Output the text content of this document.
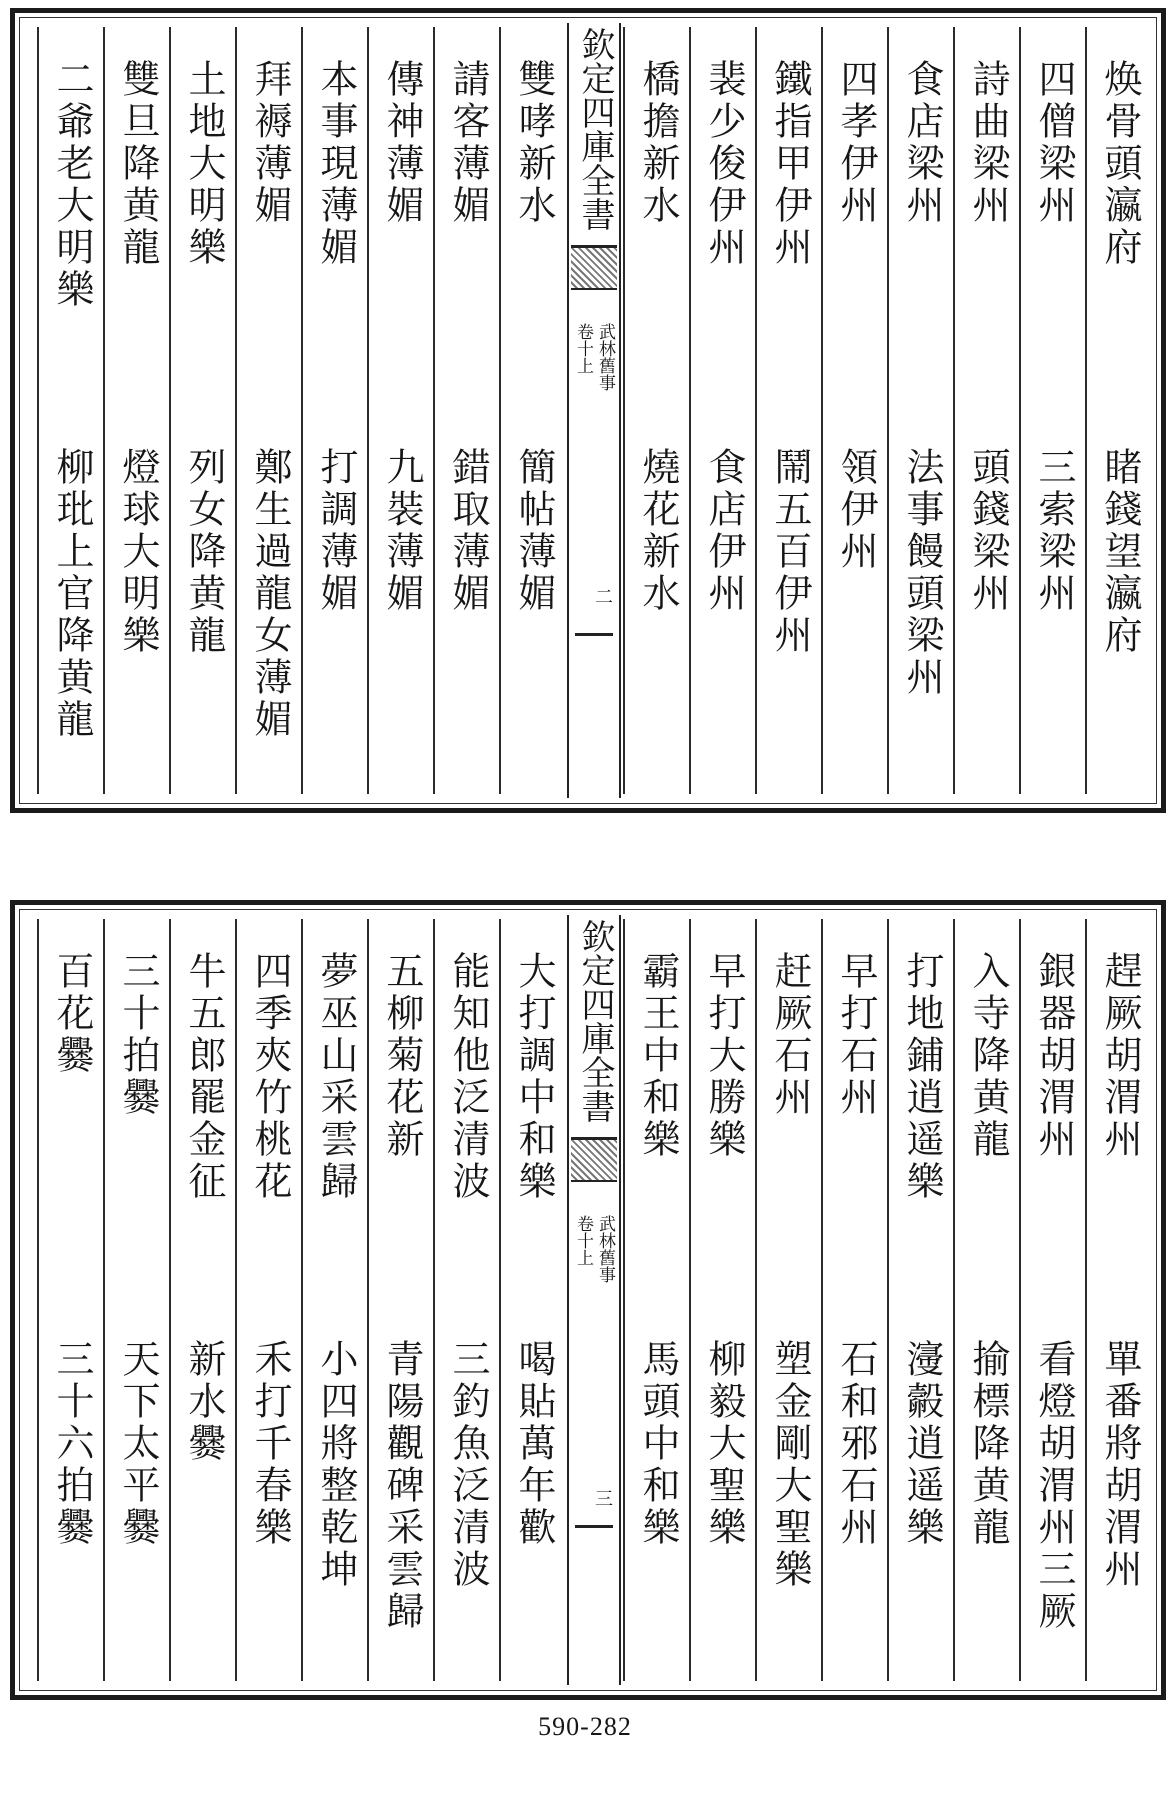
焕骨頭瀛府
睹錢望瀛府
四僧梁州
三索梁州
詩曲梁州
頭錢梁州
食店梁州
法事饅頭梁州
四孝伊州
領伊州
鐵指甲伊州
鬧五百伊州
裴少俊伊州
食店伊州
橋擔新水
燒花新水
欽定四庫全書
武林舊事
卷十上
二
雙哮新水
簡帖薄媚
請客薄媚
錯取薄媚
傳神薄媚
九裝薄媚
本事現薄媚
打調薄媚
拜褥薄媚
鄭生過龍女薄媚
土地大明樂
列女降黄龍
雙旦降黄龍
燈球大明樂
二爺老大明樂
柳玭上官降黄龍
趕厥胡渭州
單番將胡渭州
銀器胡渭州
看燈胡渭州三厥
入寺降黄龍
揄標降黄龍
打地鋪逍遥樂
濅㲉逍遥樂
早打石州
石和邪石州
赶厥石州
塑金剛大聖樂
早打大勝樂
柳毅大聖樂
霸王中和樂
馬頭中和樂
欽定四庫全書
武林舊事
卷十上
三
大打調中和樂
喝貼萬年歡
能知他泛清波
三釣魚泛清波
五柳菊花新
青陽觀碑采雲歸
夢巫山采雲歸
小四將整乾坤
四季夾竹桃花
禾打千春樂
牛五郎罷金征
新水爨
三十拍爨
天下太平爨
百花爨
三十六拍爨
590-282
